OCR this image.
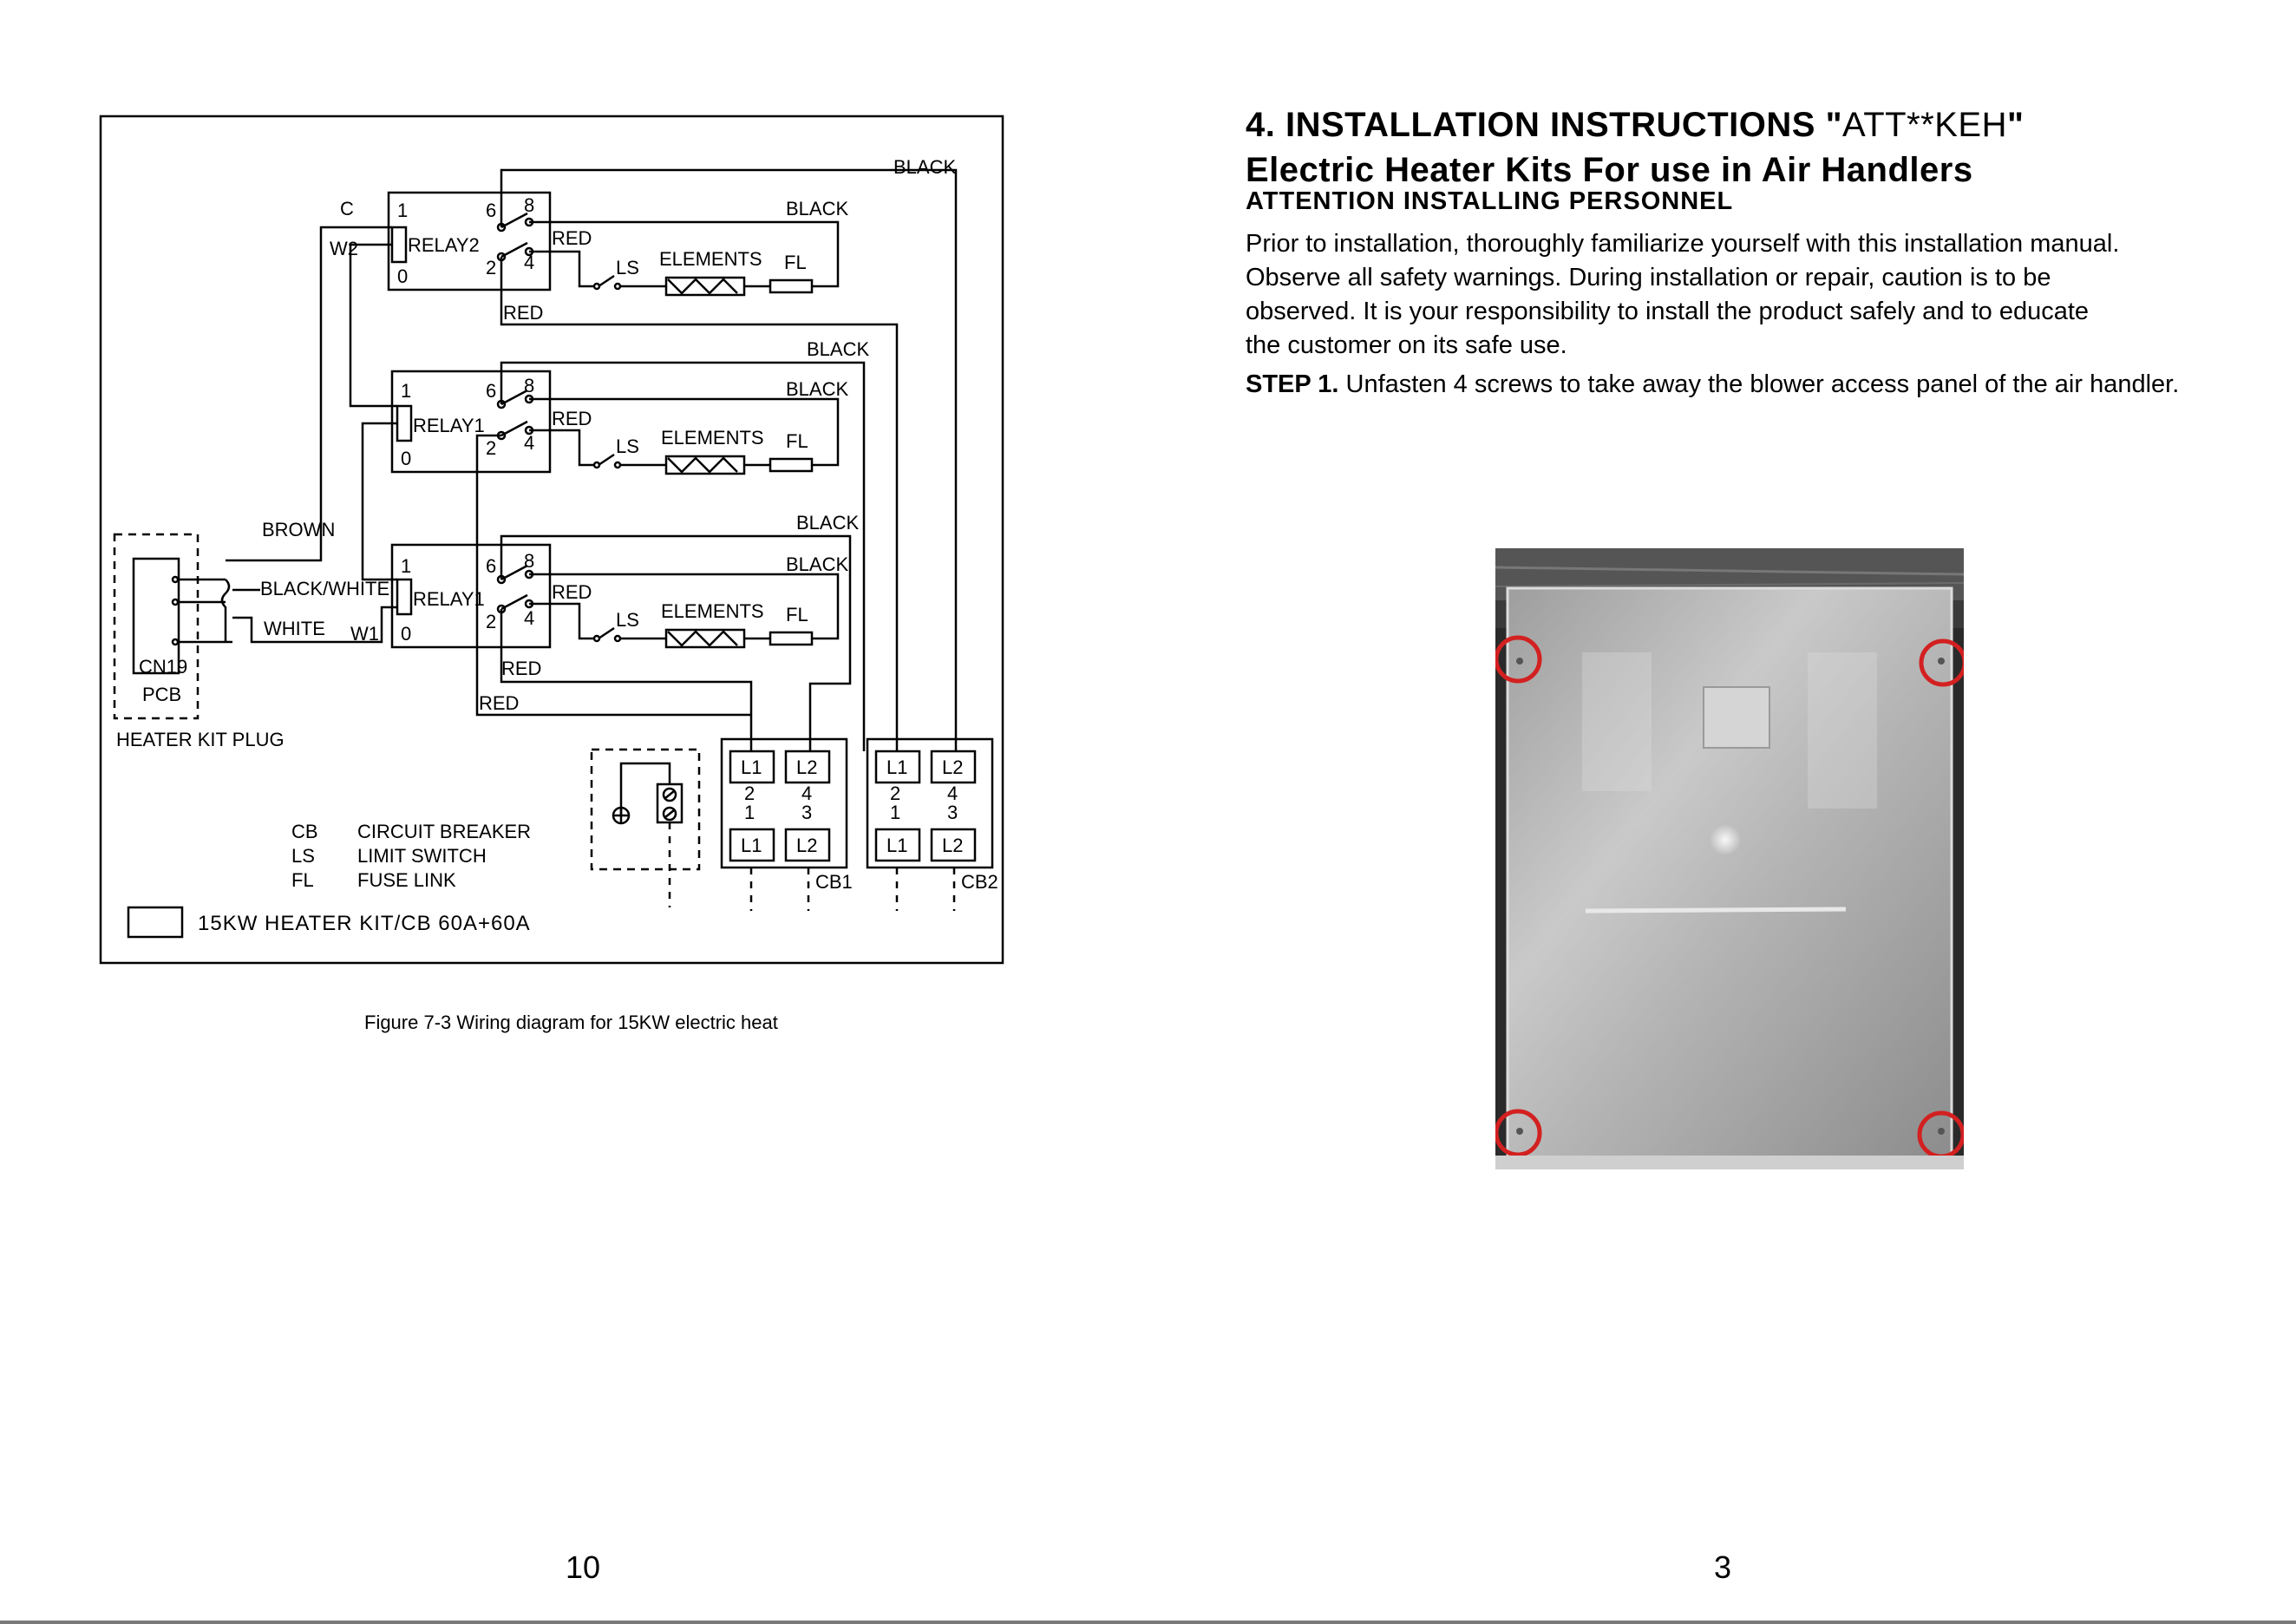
BLACK
C
W2
BLACK
RED
RED
BLACK
BLACK
RED
BLACK
BLACK
RED
RED
RED
BROWN
BLACK/WHITE
WHITE W1
RELAY2
RELAY1
RELAY1
1	6 8
0	2 4
1	6 8
0	2 4
1	6 8
0
2 4
LS ELEMENTS FL
LS ELEMENTS FL
LS ELEMENTS FL
CN19
PCB
HEATER KIT PLUG
L1 L2
2 4
1 3
L1 L2
L1 L2
2 4
1 3
L1 L2
CB1	CB2
CB CIRCUIT BREAKER
LS LIMIT SWITCH
FL FUSE LINK
15KW HEATER KIT/CB 60A+60A
Figure 7-3 Wiring diagram for 15KW electric heat
10
4. INSTALLATION INSTRUCTIONS "ATT**KEH"
Electric Heater Kits For use in Air Handlers
ATTENTION INSTALLING PERSONNEL

Prior to installation, thoroughly familiarize yourself with this installation manual.

Observe all safety warnings. During installation or repair, caution is to be

observed. It is your responsibility to install the product safely and to educate

the customer on its safe use.

STEP 1. Unfasten 4 screws to take away the blower access panel of the air handler.
3
